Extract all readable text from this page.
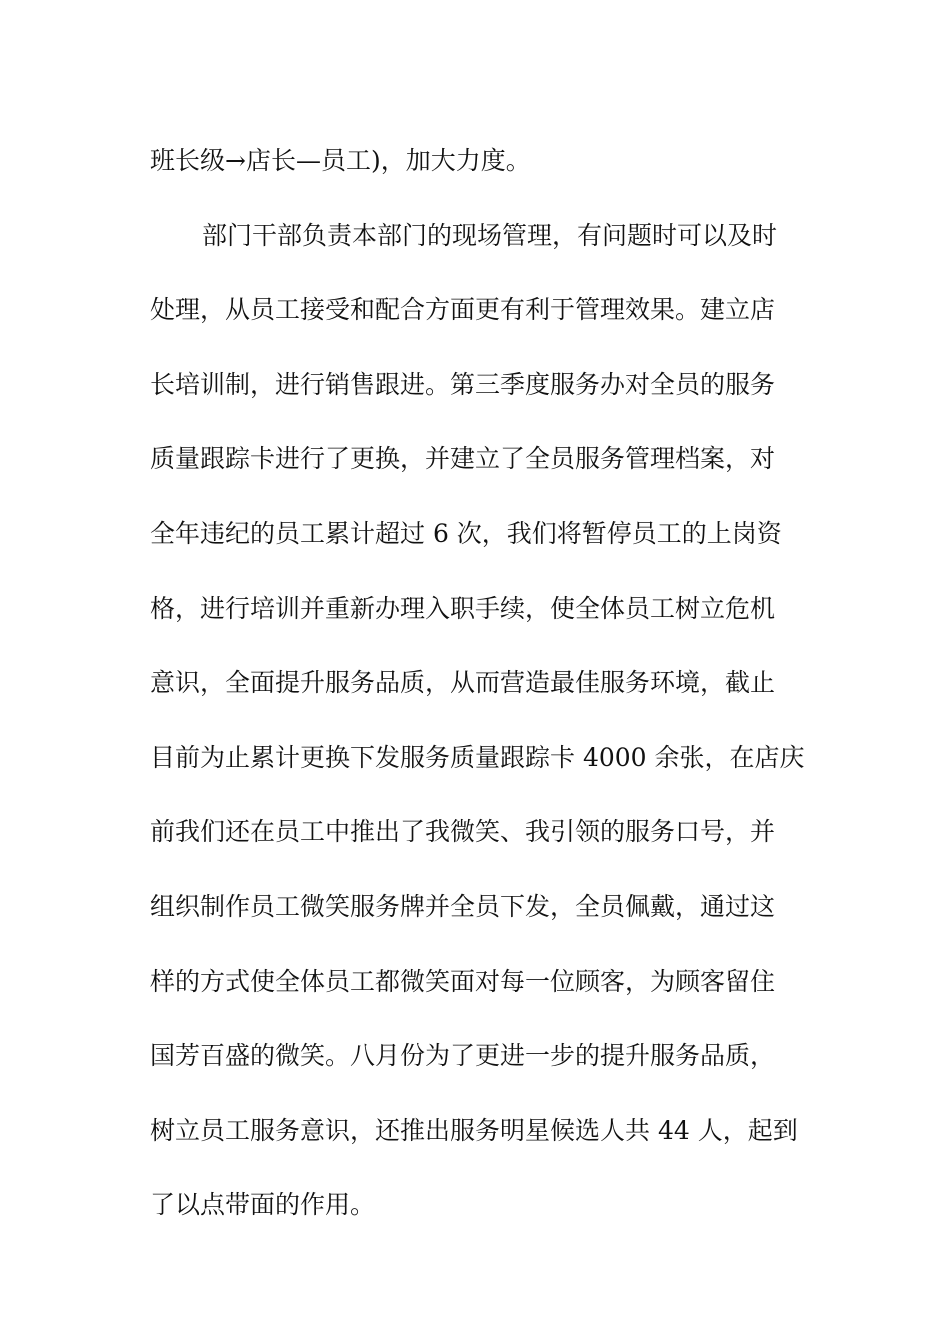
班长级→店长—员工)，加大力度。
部门干部负责本部门的现场管理，有问题时可以及时
处理，从员工接受和配合方面更有利于管理效果。建立店
长培训制，进行销售跟进。第三季度服务办对全员的服务
质量跟踪卡进行了更换，并建立了全员服务管理档案，对
全年违纪的员工累计超过 6 次，我们将暂停员工的上岗资
格，进行培训并重新办理入职手续，使全体员工树立危机
意识，全面提升服务品质，从而营造最佳服务环境，截止
目前为止累计更换下发服务质量跟踪卡 4000 余张，在店庆
前我们还在员工中推出了我微笑、我引领的服务口号，并
组织制作员工微笑服务牌并全员下发，全员佩戴，通过这
样的方式使全体员工都微笑面对每一位顾客，为顾客留住
国芳百盛的微笑。八月份为了更进一步的提升服务品质，
树立员工服务意识，还推出服务明星候选人共 44 人，起到
了以点带面的作用。
